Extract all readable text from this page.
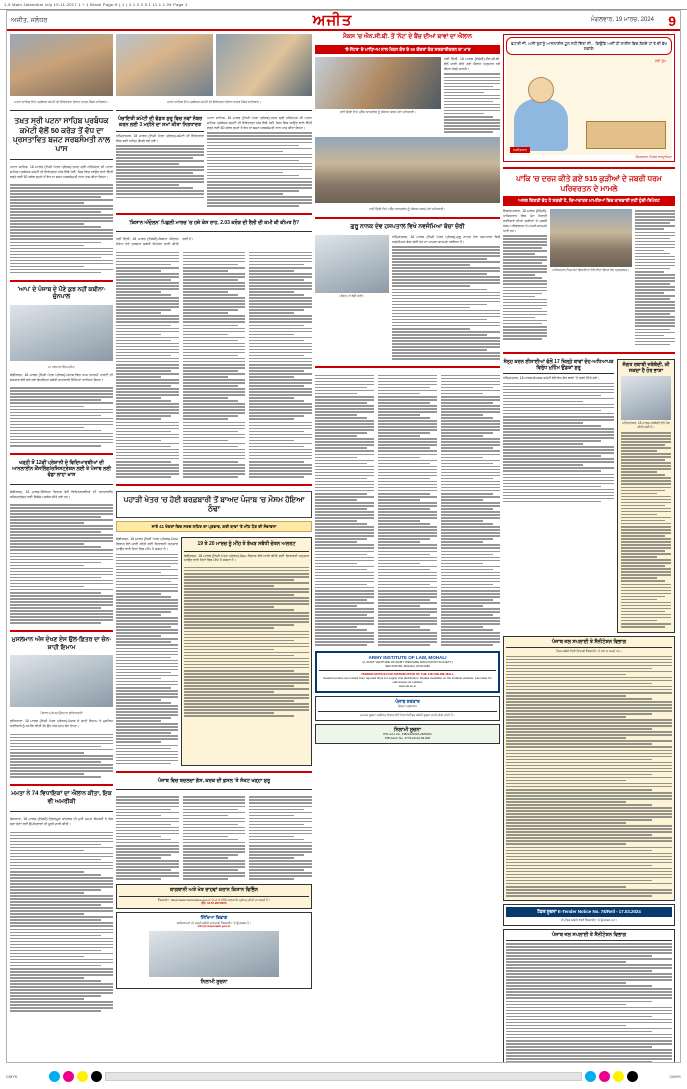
1-9 Main Jalandhar city 19-11-2017 1 + 1 Black Page-9 ( 1 ) 4 1 2 0 5 1 11 1 1 09 Page 1
ਅਜੀਤ, ਜਲੰਧਰ	ਅਜੀਤ	ਮੰਗਲਵਾਰ, 19 ਮਾਰਚ, 2024	9
ਪਟਨਾ ਸਾਹਿਬ ਵਿਖੇ ਪ੍ਰਬੰਧਕ ਕਮੇਟੀ ਦੀ ਇਕੱਤਰਤਾ ਦੌਰਾਨ ਹਾਜ਼ਰ ਮੈਂਬਰ ਸਾਹਿਬਾਨ।
ਤਖ਼ਤ ਸ੍ਰੀ ਪਟਨਾ ਸਾਹਿਬ ਪ੍ਰਬੰਧਕ ਕਮੇਟੀ ਵੱਲੋਂ 50 ਕਰੋੜ ਤੋਂ ਵੱਧ ਦਾ ਪ੍ਰਸਤਾਵਿਤ ਬਜਟ ਸਰਬਸੰਮਤੀ ਨਾਲ ਪਾਸ
ਪਟਨਾ ਸਾਹਿਬ, 18 ਮਾਰਚ (ਨਿਜੀ ਪੱਤਰ ਪ੍ਰੇਰਕ)-ਤਖ਼ਤ ਸ੍ਰੀ ਹਰਿਮੰਦਰ ਜੀ ਪਟਨਾ ਸਾਹਿਬ ਪ੍ਰਬੰਧਕ ਕਮੇਟੀ ਦੀ ਇਕੱਤਰਤਾ ਅੱਜ ਇਥੇ ਹੋਈ, ਜਿਸ ਵਿਚ ਆਉਣ ਵਾਲੇ ਵਿੱਤੀ ਵਰ੍ਹੇ ਲਈ 50 ਕਰੋੜ ਰੁਪਏ ਤੋਂ ਵੱਧ ਦਾ ਬਜਟ ਸਰਬਸੰਮਤੀ ਨਾਲ ਪਾਸ ਕੀਤਾ ਗਿਆ।
'ਆਪ' ਦੇ ਪੰਜਾਬ ਦੇ ਪੌਣੇ ਕੁਝ ਨਹੀਂ ਕਬੀਨਾ-ਚੁੰਨਪਾਲ
ਸ: ਹਰਪਾਲ ਸਿੰਘ ਚੀਮਾ
ਚੰਡੀਗੜ੍ਹ, 18 ਮਾਰਚ (ਨਿਜੀ ਪੱਤਰ ਪ੍ਰੇਰਕ)-ਪੰਜਾਬ ਵਿਚ ਆਮ ਆਦਮੀ ਪਾਰਟੀ ਦੀ ਸਰਕਾਰ ਵੱਲੋਂ ਲਏ ਗਏ ਫ਼ੈਸਲਿਆਂ ਸਬੰਧੀ ਜਾਣਕਾਰੀ ਦਿੰਦਿਆਂ ਆਖਿਆ ਗਿਆ।
ਖੜ੍ਹੀ ਤੋਂ 12ਵੀਂ ਪ੍ਰੇਸ਼ਾਨੀ ਦੇ ਵਿਦਿਆਰਥੀਆਂ ਦੀ ਆਨਲਾਈਨ ਕੌਂਸਲਿੰਗ/ਰਜਿਸਟ੍ਰੇਸ਼ਨ ਲਈ ਤੇ ਪੰਜਾਬ ਲਈ ਵੱਡਾ ਲਾਹਾ ਖ਼ਾਸ
ਚੰਡੀਗੜ੍ਹ, 18 ਮਾਰਚ-ਸਿੱਖਿਆ ਵਿਭਾਗ ਵੱਲੋਂ ਵਿਦਿਆਰਥੀਆਂ ਦੀ ਆਨਲਾਈਨ ਰਜਿਸਟ੍ਰੇਸ਼ਨ ਲਈ ਵਿਸ਼ੇਸ਼ ਪ੍ਰਬੰਧ ਕੀਤੇ ਗਏ ਹਨ।
ਮੁਸਲਮਾਨ ਅੱਜ ਦੇਖਣ ਏਸ ਉਲ-ਫ਼ਿਤਰ ਦਾ ਚੰਨ-ਸ਼ਾਹੀ ਇਮਾਮ
ਮੌਲਾਨਾ ਮੁਹੰਮਦ ਉਸਮਾਨ ਲੁਧਿਆਣਵੀ
ਲੁਧਿਆਣਾ, 18 ਮਾਰਚ (ਨਿਜੀ ਪੱਤਰ ਪ੍ਰੇਰਕ)-ਪੰਜਾਬ ਦੇ ਸ਼ਾਹੀ ਇਮਾਮ ਨੇ ਮੁਸਲਿਮ ਭਾਈਚਾਰੇ ਨੂੰ ਅਪੀਲ ਕੀਤੀ ਕਿ ਉਹ ਅੱਜ ਸ਼ਾਮ ਚੰਨ ਦੇਖਣ।
ਮਮਤਾ ਨੇ 74 ਵਿਧਾਇਕਾਂ ਦਾ ਐਲਾਨ ਕੀਤਾ, ਇਕ ਵੀ ਅਮਰੀਕੀ
ਕੋਲਕਾਤਾ, 18 ਮਾਰਚ (ਏਜੰਸੀ)-ਤ੍ਰਿਣਮੂਲ ਕਾਂਗਰਸ ਦੀ ਮੁਖੀ ਮਮਤਾ ਬੈਨਰਜੀ ਨੇ ਲੋਕ ਸਭਾ ਚੋਣਾਂ ਲਈ ਉਮੀਦਵਾਰਾਂ ਦੀ ਸੂਚੀ ਜਾਰੀ ਕੀਤੀ।
ਪਟਨਾ ਸਾਹਿਬ ਵਿਖੇ ਪ੍ਰਬੰਧਕ ਕਮੇਟੀ ਦੀ ਇਕੱਤਰਤਾ ਦੌਰਾਨ ਹਾਜ਼ਰ ਮੈਂਬਰ ਸਾਹਿਬਾਨ।
ਪੰਚਾਇਤੀ ਕਮੇਟੀ ਦੀ ਵੱਡਤ ਸ਼ੁਰੂ ਵਿਚ ਨਵਾਂ ਨੰਬਰ ਕਰਨ ਲਈ 3 ਮਹੀਨੇ ਦਾ ਸਮਾਂ ਕੀਤਾ ਨਿਰਧਾਰਤ
ਅੰਮ੍ਰਿਤਸਰ, 18 ਮਾਰਚ (ਨਿਜੀ ਪੱਤਰ ਪ੍ਰੇਰਕ)-ਕਮੇਟੀ ਦੀ ਇਕੱਤਰਤਾ ਵਿਚ ਕਈ ਅਹਿਮ ਫ਼ੈਸਲੇ ਲਏ ਗਏ।
ਪਟਨਾ ਸਾਹਿਬ, 18 ਮਾਰਚ (ਨਿਜੀ ਪੱਤਰ ਪ੍ਰੇਰਕ)-ਤਖ਼ਤ ਸ੍ਰੀ ਹਰਿਮੰਦਰ ਜੀ ਪਟਨਾ ਸਾਹਿਬ ਪ੍ਰਬੰਧਕ ਕਮੇਟੀ ਦੀ ਇਕੱਤਰਤਾ ਅੱਜ ਇਥੇ ਹੋਈ, ਜਿਸ ਵਿਚ ਆਉਣ ਵਾਲੇ ਵਿੱਤੀ ਵਰ੍ਹੇ ਲਈ 50 ਕਰੋੜ ਰੁਪਏ ਤੋਂ ਵੱਧ ਦਾ ਬਜਟ ਸਰਬਸੰਮਤੀ ਨਾਲ ਪਾਸ ਕੀਤਾ ਗਿਆ।
'ਕਿਸਾਨ ਅੰਦੋਲਨ' ਪਿਛਲੀ ਮਾਰਚ 'ਚ ਹਜ਼ੇ ਕੇਸ ਰਾਹ, 2.03 ਕਰੋੜ ਦੀ ਰੈਲੀ ਦੀ ਕਮੀ ਕੀ ਕੀਮਤ ਹੈ?
ਨਵੀਂ ਦਿੱਲੀ, 18 ਮਾਰਚ (ਏਜੰਸੀ)-ਕਿਸਾਨ ਅੰਦੋਲਨ ਦੌਰਾਨ ਹੋਏ ਨੁਕਸਾਨ ਸਬੰਧੀ ਰਿਪੋਰਟ ਜਾਰੀ ਕੀਤੀ ਗਈ ਹੈ।
ਪਹਾੜੀ ਖੇਤਰ 'ਚ ਹੋਈ ਬਰਫ਼ਬਾਰੀ ਤੋਂ ਬਾਅਦ ਪੰਜਾਬ 'ਚ ਮੌਸਮ ਹੋਇਆ ਠੰਢਾ
ਸਾਰੇ 41 ਖੇਤਰਾਂ ਵਿਚ ਸਰਦ ਲਹਿਰ ਦਾ ਪ੍ਰਭਾਵ, ਕਈ ਥਾਵਾਂ 'ਤੇ ਮੀਂਹ ਪੈਣ ਦੀ ਸੰਭਾਵਨਾ
ਚੰਡੀਗੜ੍ਹ, 18 ਮਾਰਚ (ਨਿਜੀ ਪੱਤਰ ਪ੍ਰੇਰਕ)-ਮੌਸਮ ਵਿਭਾਗ ਵੱਲੋਂ ਜਾਰੀ ਕੀਤੀ ਗਈ ਚਿਤਾਵਨੀ ਅਨੁਸਾਰ ਆਉਣ ਵਾਲੇ ਦਿਨਾਂ ਵਿਚ ਮੀਂਹ ਪੈ ਸਕਦਾ ਹੈ।
19 ਤੇ 20 ਮਾਰਚ ਨੂੰ ਮੀਂਹ ਤੇ ਝੱਖੜ ਸਬੰਧੀ ਚੇਤਨ ਅਲਰਟ
ਚੰਡੀਗੜ੍ਹ, 18 ਮਾਰਚ (ਨਿਜੀ ਪੱਤਰ ਪ੍ਰੇਰਕ)-ਮੌਸਮ ਵਿਭਾਗ ਵੱਲੋਂ ਜਾਰੀ ਕੀਤੀ ਗਈ ਚਿਤਾਵਨੀ ਅਨੁਸਾਰ ਆਉਣ ਵਾਲੇ ਦਿਨਾਂ ਵਿਚ ਮੀਂਹ ਪੈ ਸਕਦਾ ਹੈ।
ਪੰਜਾਬ ਵਿਚ ਬਦਲਦਾ ਗੱਸ, ਕਰਕ ਦੀ ਫ਼ਸਲ 'ਤੇ ਸੰਕਟ ਖੜ੍ਹਾ ਸ਼ੁਰੂ
ਬਾਗਬਾਨੀ ਅਤੇ ਖੇਤ ਰਾਹਵਾਂ ਕਰਾਨ ਕਿਸਾਨ ਵਿਭਿੰਨ
ਵੈੱਬਸਾਈਟ: https://www.horticulture.gov.in 'ਤੇ ਜਾ ਕੇ ਵਧੇਰੇ ਜਾਣਕਾਰੀ ਪ੍ਰਾਪਤ ਕੀਤੀ ਜਾ ਸਕਦੀ ਹੈ।
ਫ਼ੋਨ: 0172-2970605
ਸਿੱਖਿਆ ਵਿਭਾਗ
ਅਧਿਆਪਕਾਂ ਦੀ ਭਰਤੀ ਸਬੰਧੀ ਜਾਣਕਾਰੀ ਵੈੱਬਸਾਈਟ 'ਤੇ ਉਪਲਬਧ ਹੈ।
info@ssapunjab.gov.in
ਨਿਲਾਮੀ ਸੂਚਨਾ
ਮੈਕਸ 'ਚ ਐਨ.ਸੀ.ਬੀ. ਤੋਂ 'ਨੋਟ' ਦੇ ਬੈਂਚ ਦੀਆਂ ਥਾਵਾਂ ਦਾ ਐਲਾਨ
'ਏ-ਸੈਂਟਰ' ਦੇ ਮਾਧਿਅਮ ਨਾਲ ਮੈਕਸ ਕੋਰ ਦੇ 90 ਕੇਂਦਰਾਂ ਤੱਕ ਸਰਕਾਰੀਕਰਨ ਦਾ ਮਾਰ
ਨਵੀਂ ਦਿੱਲੀ ਵਿਖੇ ਪ੍ਰੈੱਸ ਕਾਨਫ਼ਰੰਸ ਨੂੰ ਸੰਬੋਧਨ ਕਰਦੇ ਹੋਏ ਅਧਿਕਾਰੀ।
ਨਵੀਂ ਦਿੱਲੀ, 18 ਮਾਰਚ (ਏਜੰਸੀ)-ਐਨ.ਸੀ.ਬੀ. ਵੱਲੋਂ ਜਾਰੀ ਕੀਤੇ ਗਏ ਐਲਾਨ ਅਨੁਸਾਰ ਨਵੇਂ ਕੇਂਦਰ ਖੋਲ੍ਹੇ ਜਾਣਗੇ।
ਨਵੀਂ ਦਿੱਲੀ ਵਿਖੇ ਪ੍ਰੈੱਸ ਕਾਨਫ਼ਰੰਸ ਨੂੰ ਸੰਬੋਧਨ ਕਰਦੇ ਹੋਏ ਅਧਿਕਾਰੀ।
ਗੁਰੂ ਨਾਨਕ ਦੇਵ ਹਸਪਤਾਲ ਵਿਖੇ ਨਵਜੰਮਿਆ ਬੱਚਾ ਚੋਰੀ
ਪੀੜਤ ਮਾਂ ਰੋਂਦੀ ਹੋਈ।
ਅੰਮ੍ਰਿਤਸਰ, 18 ਮਾਰਚ (ਨਿਜੀ ਪੱਤਰ ਪ੍ਰੇਰਕ)-ਗੁਰੂ ਨਾਨਕ ਦੇਵ ਹਸਪਤਾਲ ਵਿਚੋਂ ਨਵਜੰਮਿਆ ਬੱਚਾ ਚੋਰੀ ਹੋਣ ਦਾ ਮਾਮਲਾ ਸਾਹਮਣੇ ਆਇਆ ਹੈ।
ARMY INSTITUTE OF LAW, MOHALI
(A JOINT VENTURE OF ARMY WELFARE EDUCATION SOCIETY)
SECTOR-68, MOHALI (PUNJAB)
TENDER NOTICE FOR DISTRIBUTION OF THE 148 ONLINE MALL
Sealed tenders are invited from reputed firms for supply and distribution. Details available on the institute website. Last date for submission as notified.
www.ail.ac.in
ਪੰਜਾਬ ਸਰਕਾਰ
ਜ਼ਿਲ੍ਹਾ ਪ੍ਰਸ਼ਾਸਨ
ਜਨਤਕ ਸੂਚਨਾ: ਸਬੰਧਿਤ ਵਿਭਾਗ ਵੱਲੋਂ ਨਿਲਾਮੀ/ਟੈਂਡਰ ਸਬੰਧੀ ਸੂਚਨਾ ਜਾਰੀ ਕੀਤੀ ਜਾਂਦੀ ਹੈ।
ਨਿਲਾਮੀ ਸੂਚਨਾ
PIN-Ad-L No. PIB/1/3/2024-29/99/21
PIB-Adv/L No. 1779-00-20-39-802
ਵਧਾਈ ਜੀ, ਅਸੀਂ ਤੁਹਾਨੂੰ ਆਨਲਾਈਨ-ਟੂਲ ਨਹੀਂ ਦਿੱਤਾ ਸੀ... ਕਿਉਂਕਿ ਅਸੀਂ ਹੀ ਲਾਈਨ ਵਿਚ ਲੱਗਦੇ ਹਾਂ ਤੇ ਦੀ ਵੇਖ ਲਵਾਂਗੇ!
ਅਜੀਤਯਾਨ
ਨਵਾਂ ਰੂਪ
ਚਿੱਤਰਕਾਰ: ਵਿਸ਼ੇਸ਼ ਕਾਰਟੂਨਿਸਟ
ਪਾਕਿ 'ਚ ਦਰਜ ਕੀਤੇ ਗਏ 515 ਕੁੜੀਆਂ ਦੇ ਜਬਰੀ ਧਰਮ ਪਰਿਵਰਤਨ ਦੇ ਮਾਮਲੇ
ਅਸਲ ਗਿਣਤੀ ਵੱਧ ਹੋ ਸਕਦੀ ਹੈ, ਜ਼ਿਆਦਾਤਰ ਮਾਮਲਿਆਂ ਵਿਚ ਕਾਰਵਾਈ ਨਹੀਂ ਹੁੰਦੀ-ਰਿਪੋਰਟ
ਇਸਲਾਮਾਬਾਦ, 18 ਮਾਰਚ (ਏਜੰਸੀ)-ਪਾਕਿਸਤਾਨ ਵਿਚ ਘੱਟ ਗਿਣਤੀ ਭਾਈਚਾਰੇ ਦੀਆਂ ਕੁੜੀਆਂ ਦੇ ਜਬਰੀ ਧਰਮ ਪਰਿਵਰਤਨ ਦੇ ਮਾਮਲੇ ਸਾਹਮਣੇ ਆਏ ਹਨ।
ਪਾਕਿਸਤਾਨ ਵਿਚ ਘੱਟ ਗਿਣਤੀਆਂ ਵੱਲੋਂ ਕੀਤਾ ਗਿਆ ਰੋਸ ਪ੍ਰਦਰਸ਼ਨ।
ਸੰਨ੍ਹ ਕਰਨ ਈਸਾਈਆਂ ਵੱਲੋਂ 17 ਜ਼ਿਲ੍ਹੇ ਥਾਵਾਂ ਦੇਹ-ਅਧਿਆਪਕ ਵਿਰੁੱਧ ਮੁਹਿੰਮ ਉਡਕਾਂ ਸ਼ੁਰੂ
ਅੰਮ੍ਰਿਤਸਰ, 18 ਮਾਰਚ-ਸੰਘਰਸ਼ ਕਮੇਟੀ ਵੱਲੋਂ ਵੱਖ-ਵੱਖ ਥਾਵਾਂ 'ਤੇ ਧਰਨੇ ਦਿੱਤੇ ਗਏ।
ਸੰਗਤ ਰਬਾਬੀ ਜਥੇਬੰਦੀ, ਕੀ ਸਕਦਾ ਹੈ ਹੋਰ ਭਾਸ਼ਾ
ਅੰਮ੍ਰਿਤਸਰ, 18 ਮਾਰਚ-ਜਥੇਬੰਦੀ ਵੱਲੋਂ ਮੰਗ ਕੀਤੀ ਗਈ ਹੈ।
ਪੰਜਾਬ ਜਲ ਸਪਲਾਈ ਤੇ ਸੈਨੀਟੇਸ਼ਨ ਵਿਭਾਗ
ਟੈਂਡਰ ਸਬੰਧੀ ਵੇਰਵੇ ਵਿਭਾਗੀ ਵੈੱਬਸਾਈਟ ਤੋਂ ਲਏ ਜਾ ਸਕਦੇ ਹਨ।
ਟੈਂਡਰ ਸੂਚਨਾ E-Tender Notice No. 78/Rell - 17.03.2024
ਈ-ਟੈਂਡਰ ਸਬੰਧੀ ਵੇਰਵੇ ਵੈੱਬਸਾਈਟ 'ਤੇ ਉਪਲਬਧ ਹਨ।
ਪੰਜਾਬ ਜਲ ਸਪਲਾਈ ਤੇ ਸੈਨੀਟੇਸ਼ਨ ਵਿਭਾਗ
CMYK	CMYK
